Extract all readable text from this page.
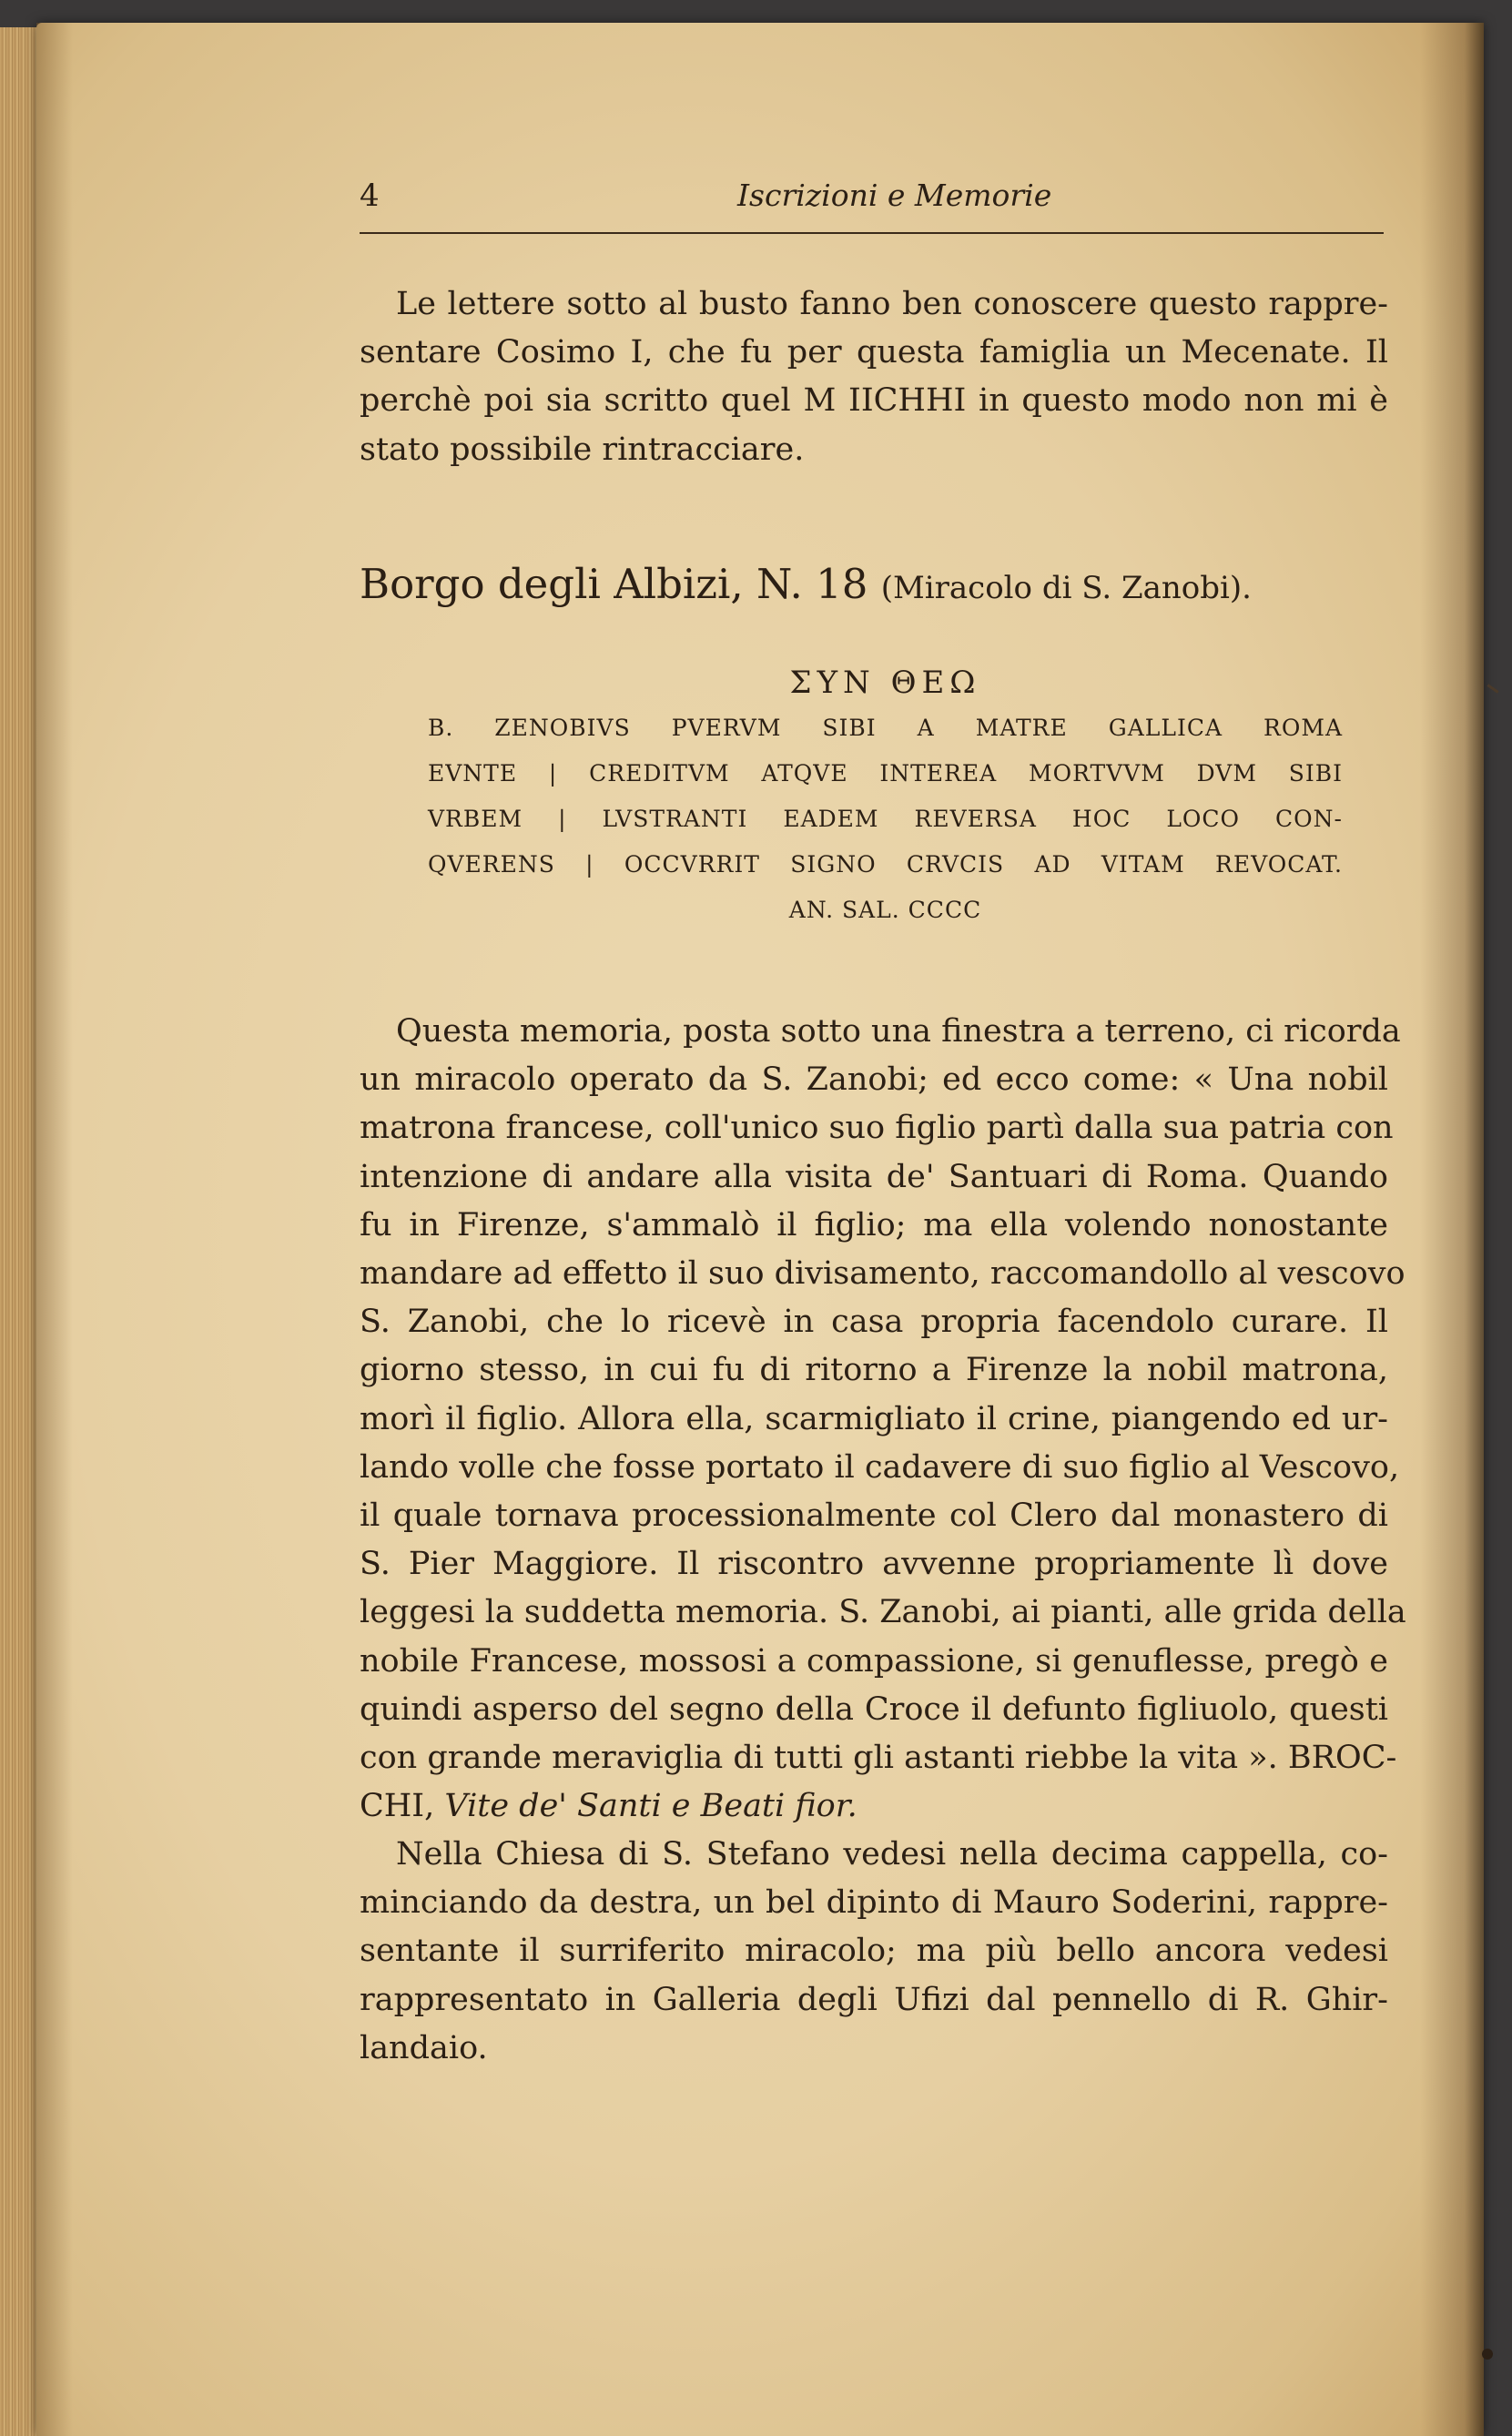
4	Iscrizioni e Memorie
Le lettere sotto al busto fanno ben conoscere questo rappre-
sentare Cosimo I, che fu per questa famiglia un Mecenate. Il
perchè poi sia scritto quel M IICHHI in questo modo non mi è
stato possibile rintracciare.
Borgo degli Albizi, N. 18 (Miracolo di S. Zanobi).
ΣΥΝ ΘΕΩ
B. ZENOBIVS PVERVM SIBI A MATRE GALLICA ROMA
EVNTE | CREDITVM ATQVE INTEREA MORTVVM DVM SIBI
VRBEM | LVSTRANTI EADEM REVERSA HOC LOCO CON-
QVERENS | OCCVRRIT SIGNO CRVCIS AD VITAM REVOCAT.
AN. SAL. CCCC
Questa memoria, posta sotto una finestra a terreno, ci ricorda
un miracolo operato da S. Zanobi; ed ecco come: « Una nobil
matrona francese, coll'unico suo figlio partì dalla sua patria con
intenzione di andare alla visita de' Santuari di Roma. Quando
fu in Firenze, s'ammalò il figlio; ma ella volendo nonostante
mandare ad effetto il suo divisamento, raccomandollo al vescovo
S. Zanobi, che lo ricevè in casa propria facendolo curare. Il
giorno stesso, in cui fu di ritorno a Firenze la nobil matrona,
morì il figlio. Allora ella, scarmigliato il crine, piangendo ed ur-
lando volle che fosse portato il cadavere di suo figlio al Vescovo,
il quale tornava processionalmente col Clero dal monastero di
S. Pier Maggiore. Il riscontro avvenne propriamente lì dove
leggesi la suddetta memoria. S. Zanobi, ai pianti, alle grida della
nobile Francese, mossosi a compassione, si genuflesse, pregò e
quindi asperso del segno della Croce il defunto figliuolo, questi
con grande meraviglia di tutti gli astanti riebbe la vita ». BROC-
CHI, Vite de' Santi e Beati fior.
Nella Chiesa di S. Stefano vedesi nella decima cappella, co-
minciando da destra, un bel dipinto di Mauro Soderini, rappre-
sentante il surriferito miracolo; ma più bello ancora vedesi
rappresentato in Galleria degli Ufizi dal pennello di R. Ghir-
landaio.
